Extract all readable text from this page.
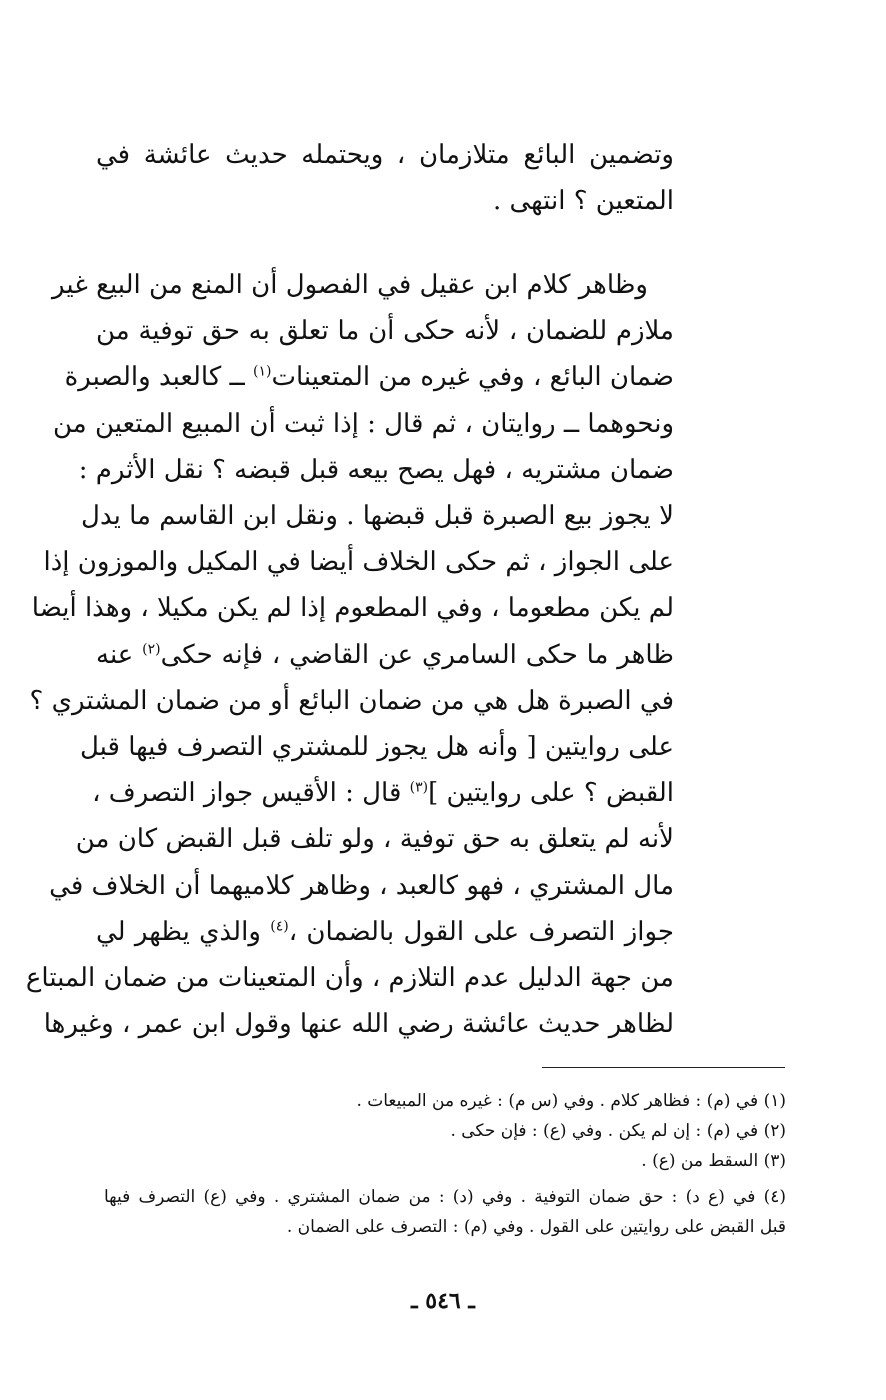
وتضمين البائع متلازمان ، ويحتمله حديث عائشة في
المتعين ؟ انتهى .
وظاهر كلام ابن عقيل في الفصول أن المنع من البيع غير
ملازم للضمان ، لأنه حكى أن ما تعلق به حق توفية من
ضمان البائع ، وفي غيره من المتعينات$^{(١)}$ ــ كالعبد والصبرة
ونحوهما ــ روايتان ، ثم قال : إذا ثبت أن المبيع المتعين من
ضمان مشتريه ، فهل يصح بيعه قبل قبضه ؟ نقل الأثرم :
لا يجوز بيع الصبرة قبل قبضها . ونقل ابن القاسم ما يدل
على الجواز ، ثم حكى الخلاف أيضا في المكيل والموزون إذا
لم يكن مطعوما ، وفي المطعوم إذا لم يكن مكيلا ، وهذا أيضا
ظاهر ما حكى السامري عن القاضي ، فإنه حكى$^{(٢)}$ عنه
في الصبرة هل هي من ضمان البائع أو من ضمان المشتري ؟
على روايتين [ وأنه هل يجوز للمشتري التصرف فيها قبل
القبض ؟ على روايتين ]$^{(٣)}$ قال : الأقيس جواز التصرف ،
لأنه لم يتعلق به حق توفية ، ولو تلف قبل القبض كان من
مال المشتري ، فهو كالعبد ، وظاهر كلاميهما أن الخلاف في
جواز التصرف على القول بالضمان ،$^{(٤)}$ والذي يظهر لي
من جهة الدليل عدم التلازم ، وأن المتعينات من ضمان المبتاع
لظاهر حديث عائشة رضي الله عنها وقول ابن عمر ، وغيرها
(١) في (م) : فظاهر كلام . وفي (س م) : غيره من المبيعات .
(٢) في (م) : إن لم يكن . وفي (ع) : فإن حكى .
(٣) السقط من (ع) .
(٤) في (ع د) : حق ضمان التوفية . وفي (د) : من ضمان المشتري . وفي (ع) التصرف فيها
قبل القبض على روايتين على القول . وفي (م) : التصرف على الضمان .
ـ ٥٤٦ ـ
